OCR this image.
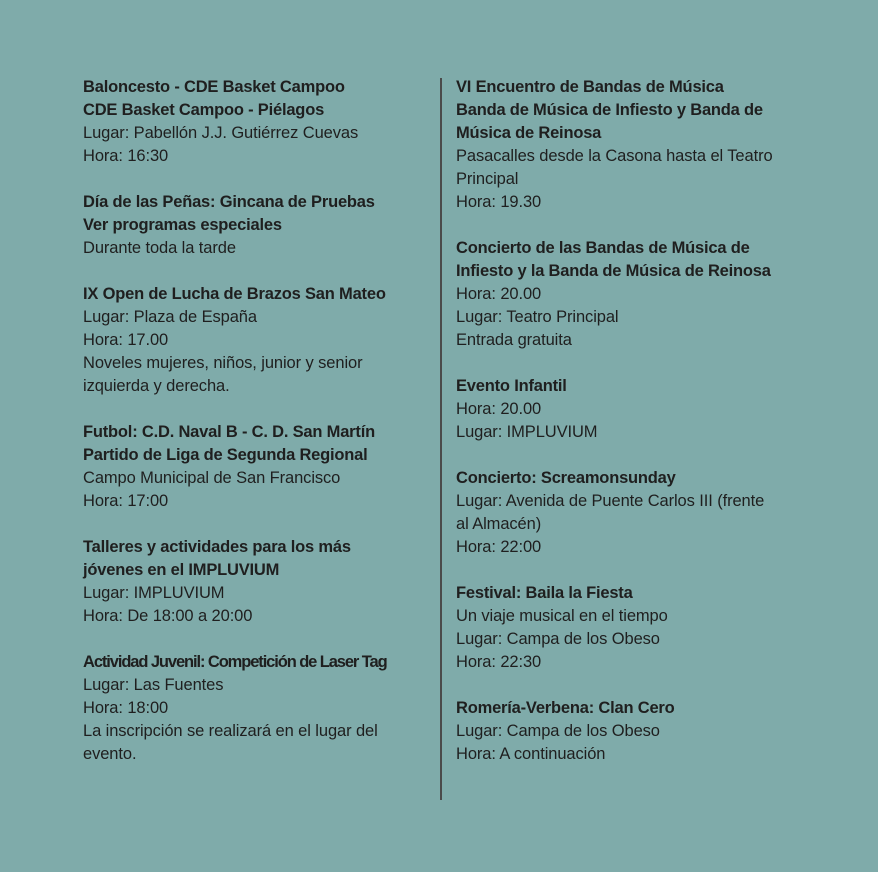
Baloncesto - CDE Basket Campoo
CDE Basket Campoo - Piélagos
Lugar: Pabellón J.J. Gutiérrez Cuevas
Hora: 16:30
Día de las Peñas: Gincana de Pruebas
Ver programas especiales
Durante toda la tarde
IX Open de Lucha de Brazos San Mateo
Lugar: Plaza de España
Hora: 17.00
Noveles mujeres, niños, junior y senior
izquierda y derecha.
Futbol: C.D. Naval B - C. D. San Martín
Partido de Liga de Segunda Regional
Campo Municipal de San Francisco
Hora: 17:00
Talleres y actividades para los más
jóvenes en el IMPLUVIUM
Lugar: IMPLUVIUM
Hora: De 18:00 a 20:00
Actividad Juvenil: Competición de Laser Tag
Lugar: Las Fuentes
Hora: 18:00
La inscripción se realizará en el lugar del
evento.
VI Encuentro de Bandas de Música
Banda de Música de Infiesto y Banda de
Música de Reinosa
Pasacalles desde la Casona hasta el Teatro
Principal
Hora: 19.30
Concierto de las Bandas de Música de
Infiesto y la Banda de Música de Reinosa
Hora: 20.00
Lugar: Teatro Principal
Entrada gratuita
Evento Infantil
Hora: 20.00
Lugar: IMPLUVIUM
Concierto: Screamonsunday
Lugar: Avenida de Puente Carlos III (frente
al Almacén)
Hora: 22:00
Festival: Baila la Fiesta
Un viaje musical en el tiempo
Lugar: Campa de los Obeso
Hora: 22:30
Romería-Verbena: Clan Cero
Lugar: Campa de los Obeso
Hora: A continuación
